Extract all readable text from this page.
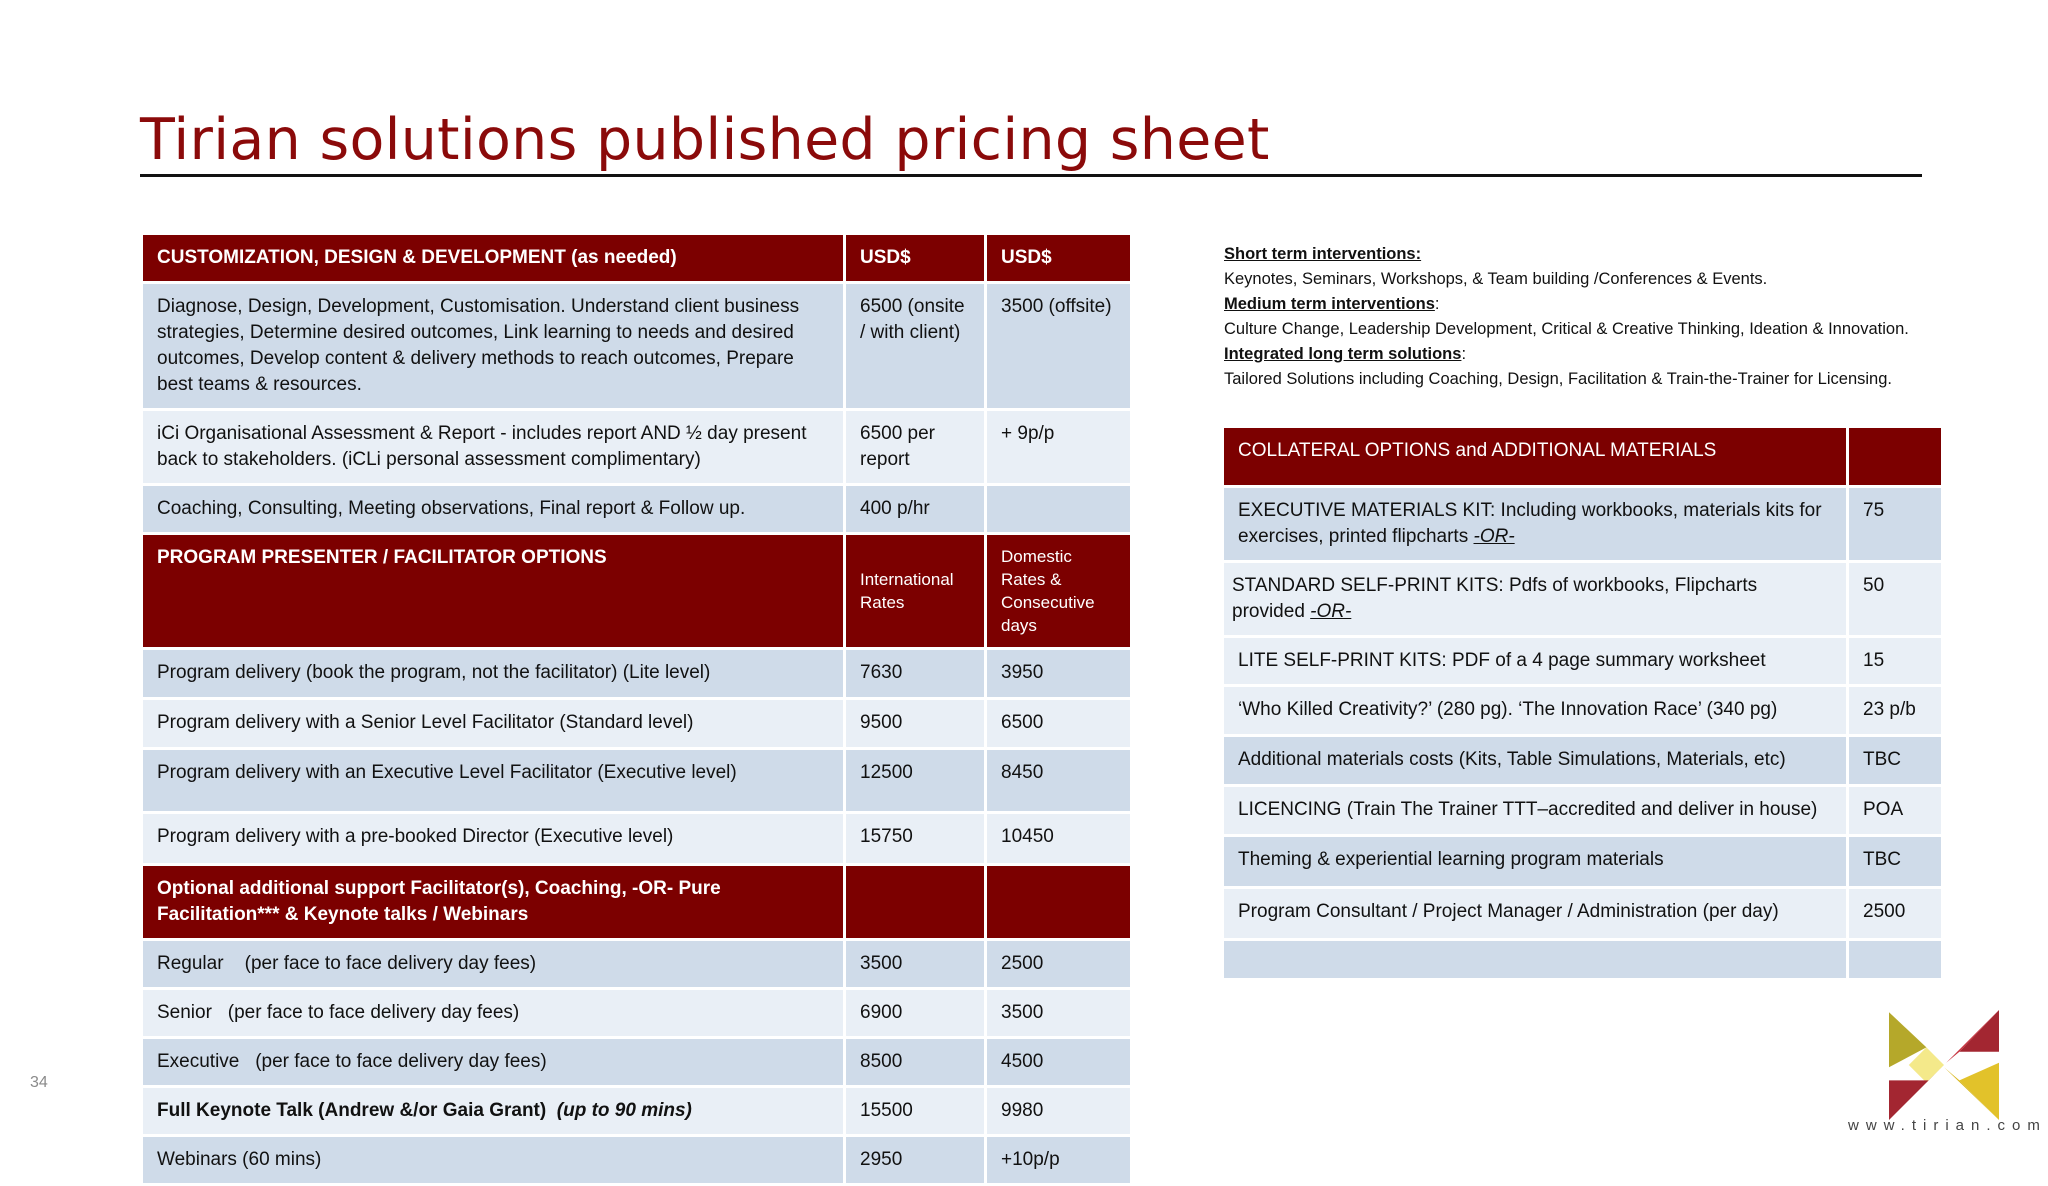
Tirian solutions published pricing sheet
CUSTOMIZATION, DESIGN & DEVELOPMENT (as needed)	USD$	USD$
Diagnose, Design, Development, Customisation. Understand client business strategies, Determine desired outcomes, Link learning to needs and desired outcomes, Develop content & delivery methods to reach outcomes, Prepare best teams & resources.	6500 (onsite / with client)	3500 (offsite)
iCi Organisational Assessment & Report - includes report AND ½ day present back to stakeholders. (iCLi personal assessment complimentary)	6500 per report	+ 9p/p
Coaching, Consulting, Meeting observations, Final report & Follow up.	400 p/hr	
PROGRAM PRESENTER / FACILITATOR OPTIONS	International Rates	Domestic Rates & Consecutive days
Program delivery (book the program, not the facilitator) (Lite level)	7630	3950
Program delivery with a Senior Level Facilitator (Standard level)	9500	6500
Program delivery with an Executive Level Facilitator (Executive level)	12500	8450
Program delivery with a pre-booked Director (Executive level)	15750	10450
Optional additional support Facilitator(s), Coaching, -OR- Pure Facilitation*** & Keynote talks / Webinars		
Regular    (per face to face delivery day fees)	3500	2500
Senior   (per face to face delivery day fees)	6900	3500
Executive   (per face to face delivery day fees)	8500	4500
Full Keynote Talk (Andrew &/or Gaia Grant) (up to 90 mins)	15500	9980
Webinars (60 mins)	2950	+10p/p
Short term interventions:
Keynotes, Seminars, Workshops, & Team building /Conferences & Events.
Medium term interventions:
Culture Change, Leadership Development, Critical & Creative Thinking, Ideation & Innovation.
Integrated long term solutions:
Tailored Solutions including Coaching, Design, Facilitation & Train-the-Trainer for Licensing.
COLLATERAL OPTIONS and ADDITIONAL MATERIALS	
EXECUTIVE MATERIALS KIT: Including workbooks, materials kits for exercises, printed flipcharts -OR-	75
STANDARD SELF-PRINT KITS: Pdfs of workbooks, Flipcharts provided -OR-	50
LITE SELF-PRINT KITS: PDF of a 4 page summary worksheet	15
‘Who Killed Creativity?’ (280 pg). ‘The Innovation Race’ (340 pg)	23 p/b
Additional materials costs (Kits, Table Simulations, Materials, etc)	TBC
LICENCING (Train The Trainer TTT–accredited and deliver in house)	POA
Theming & experiential learning program materials	TBC
Program Consultant / Project Manager / Administration (per day)	2500

34
www.tirian.com
